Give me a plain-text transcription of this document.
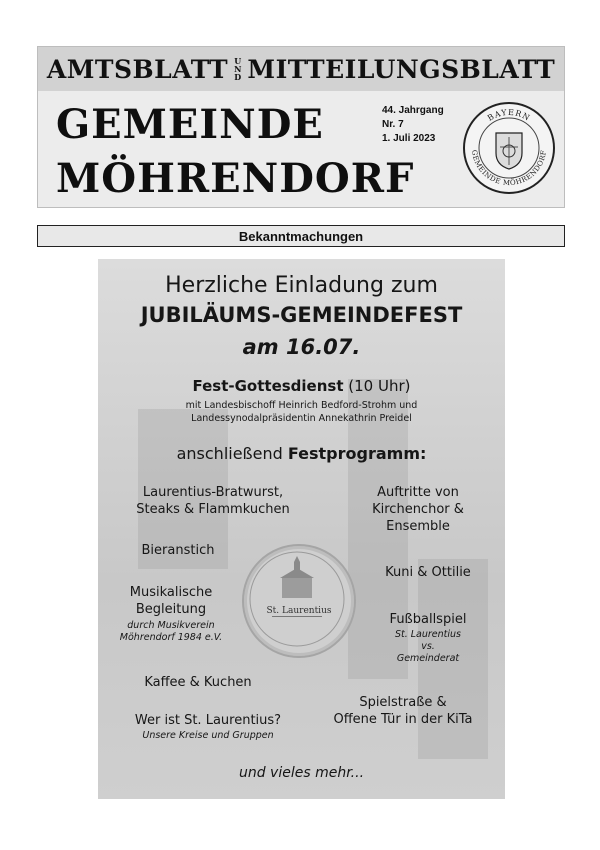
AMTSBLATT U
N
D MITTEILUNGSBLATT
GEMEINDE
MÖHRENDORF
44. Jahrgang
Nr. 7
1. Juli 2023
BAYERN
GEMEINDE MÖHRENDORF
Bekanntmachungen
Herzliche Einladung zum
JUBILÄUMS-GEMEINDEFEST
am 16.07.
Fest-Gottesdienst (10 Uhr)
mit Landesbischoff Heinrich Bedford-Strohm und
Landessynodalpräsidentin Annekathrin Preidel
anschließend Festprogramm:
Laurentius-Bratwurst,
Steaks & Flammkuchen
Bieranstich
Musikalische
Begleitung
durch Musikverein
Möhrendorf 1984 e.V.
Kaffee & Kuchen
Wer ist St. Laurentius?
Unsere Kreise und Gruppen
Auftritte von
Kirchenchor &
Ensemble
Kuni & Ottilie
Fußballspiel
St. Laurentius
vs.
Gemeinderat
Spielstraße &
Offene Tür in der KiTa
St. Laurentius
und vieles mehr...
